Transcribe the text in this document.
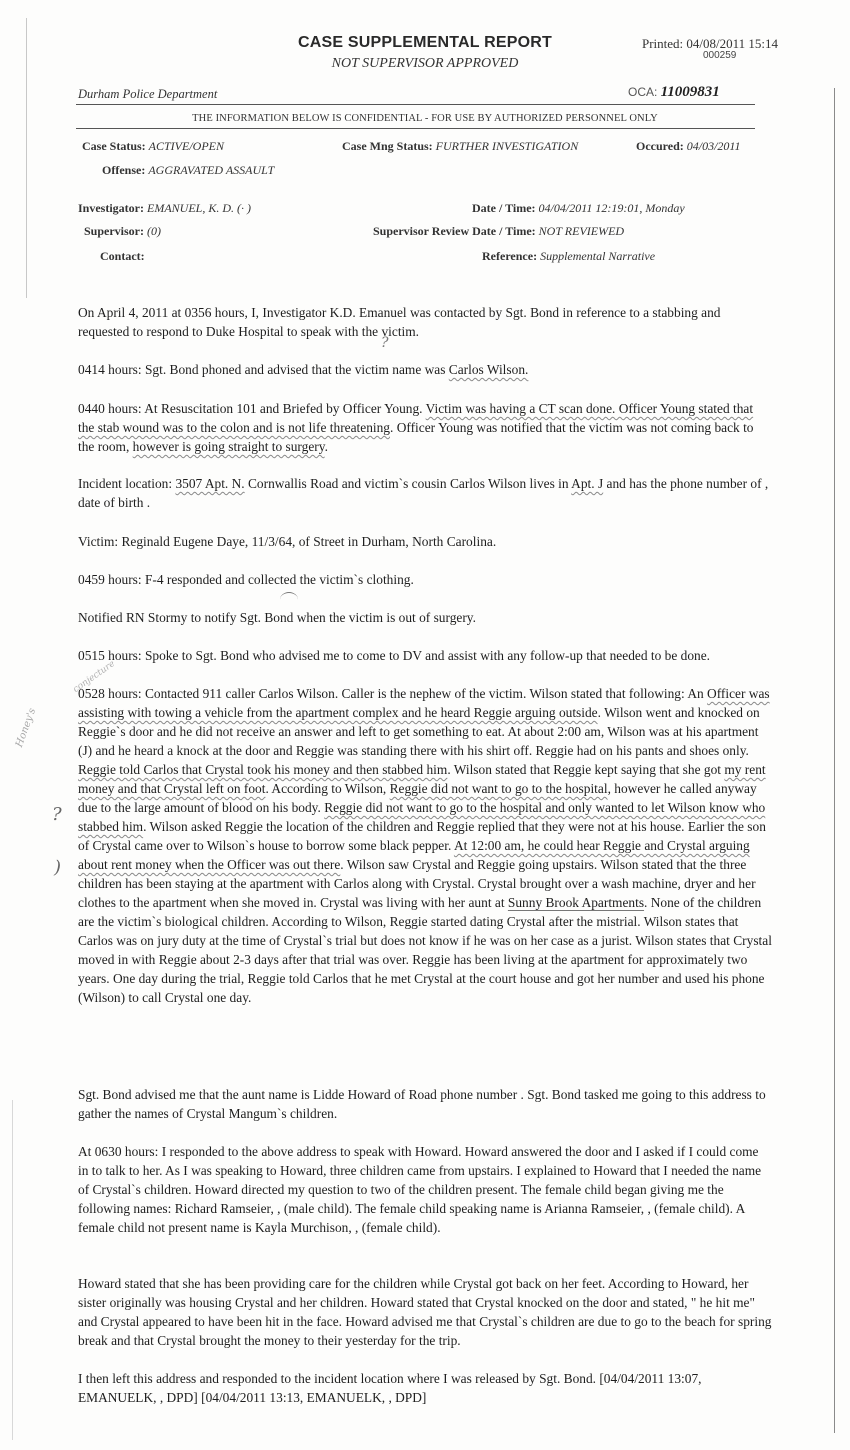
CASE SUPPLEMENTAL REPORT
NOT SUPERVISOR APPROVED
Printed: 04/08/2011 15:14
000259
Durham Police Department	OCA: 11009831
THE INFORMATION BELOW IS CONFIDENTIAL - FOR USE BY AUTHORIZED PERSONNEL ONLY
Case Status: ACTIVE/OPEN	Case Mng Status: FURTHER INVESTIGATION	Occured: 04/03/2011
Offense: AGGRAVATED ASSAULT
Investigator: EMANUEL, K. D. (· )	Date / Time: 04/04/2011 12:19:01, Monday
Supervisor: (0)	Supervisor Review Date / Time: NOT REVIEWED
Contact:	Reference: Supplemental Narrative

On April 4, 2011 at 0356 hours, I, Investigator K.D. Emanuel was contacted by Sgt. Bond in reference to a stabbing and requested to respond to Duke Hospital to speak with the victim.

0414 hours: Sgt. Bond phoned and advised that the victim name was Carlos Wilson.

0440 hours: At Resuscitation 101 and Briefed by Officer Young. Victim was having a CT scan done. Officer Young stated that the stab wound was to the colon and is not life threatening. Officer Young was notified that the victim was not coming back to the room, however is going straight to surgery.

Incident location: 3507 Apt. N. Cornwallis Road and victim`s cousin Carlos Wilson lives in Apt. J and has the phone number of , date of birth .

Victim: Reginald Eugene Daye, 11/3/64, of Street in Durham, North Carolina.

0459 hours: F-4 responded and collected the victim`s clothing.

Notified RN Stormy to notify Sgt. Bond when the victim is out of surgery.

0515 hours: Spoke to Sgt. Bond who advised me to come to DV and assist with any follow-up that needed to be done.

0528 hours: Contacted 911 caller Carlos Wilson. Caller is the nephew of the victim. Wilson stated that following: An Officer was assisting with towing a vehicle from the apartment complex and he heard Reggie arguing outside. Wilson went and knocked on Reggie`s door and he did not receive an answer and left to get something to eat. At about 2:00 am, Wilson was at his apartment (J) and he heard a knock at the door and Reggie was standing there with his shirt off. Reggie had on his pants and shoes only. Reggie told Carlos that Crystal took his money and then stabbed him. Wilson stated that Reggie kept saying that she got my rent money and that Crystal left on foot. According to Wilson, Reggie did not want to go to the hospital, however he called anyway due to the large amount of blood on his body. Reggie did not want to go to the hospital and only wanted to let Wilson know who stabbed him. Wilson asked Reggie the location of the children and Reggie replied that they were not at his house. Earlier the son of Crystal came over to Wilson`s house to borrow some black pepper. At 12:00 am, he could hear Reggie and Crystal arguing about rent money when the Officer was out there. Wilson saw Crystal and Reggie going upstairs. Wilson stated that the three children has been staying at the apartment with Carlos along with Crystal. Crystal brought over a wash machine, dryer and her clothes to the apartment when she moved in. Crystal was living with her aunt at Sunny Brook Apartments. None of the children are the victim`s biological children. According to Wilson, Reggie started dating Crystal after the mistrial. Wilson states that Carlos was on jury duty at the time of Crystal`s trial but does not know if he was on her case as a jurist. Wilson states that Crystal moved in with Reggie about 2-3 days after that trial was over. Reggie has been living at the apartment for approximately two years. One day during the trial, Reggie told Carlos that he met Crystal at the court house and got her number and used his phone (Wilson) to call Crystal one day.

Sgt. Bond advised me that the aunt name is Lidde Howard of Road phone number . Sgt. Bond tasked me going to this address to gather the names of Crystal Mangum`s children.

At 0630 hours: I responded to the above address to speak with Howard. Howard answered the door and I asked if I could come in to talk to her. As I was speaking to Howard, three children came from upstairs. I explained to Howard that I needed the name of Crystal`s children. Howard directed my question to two of the children present. The female child began giving me the following names: Richard Ramseier, , (male child). The female child speaking name is Arianna Ramseier, , (female child). A female child not present name is Kayla Murchison, , (female child).

Howard stated that she has been providing care for the children while Crystal got back on her feet. According to Howard, her sister originally was housing Crystal and her children. Howard stated that Crystal knocked on the door and stated, " he hit me" and Crystal appeared to have been hit in the face. Howard advised me that Crystal`s children are due to go to the beach for spring break and that Crystal brought the money to their yesterday for the trip.

I then left this address and responded to the incident location where I was released by Sgt. Bond. [04/04/2011 13:07, EMANUELK, , DPD] [04/04/2011 13:13, EMANUELK, , DPD]

?
?
)
Honey's
conjecture
